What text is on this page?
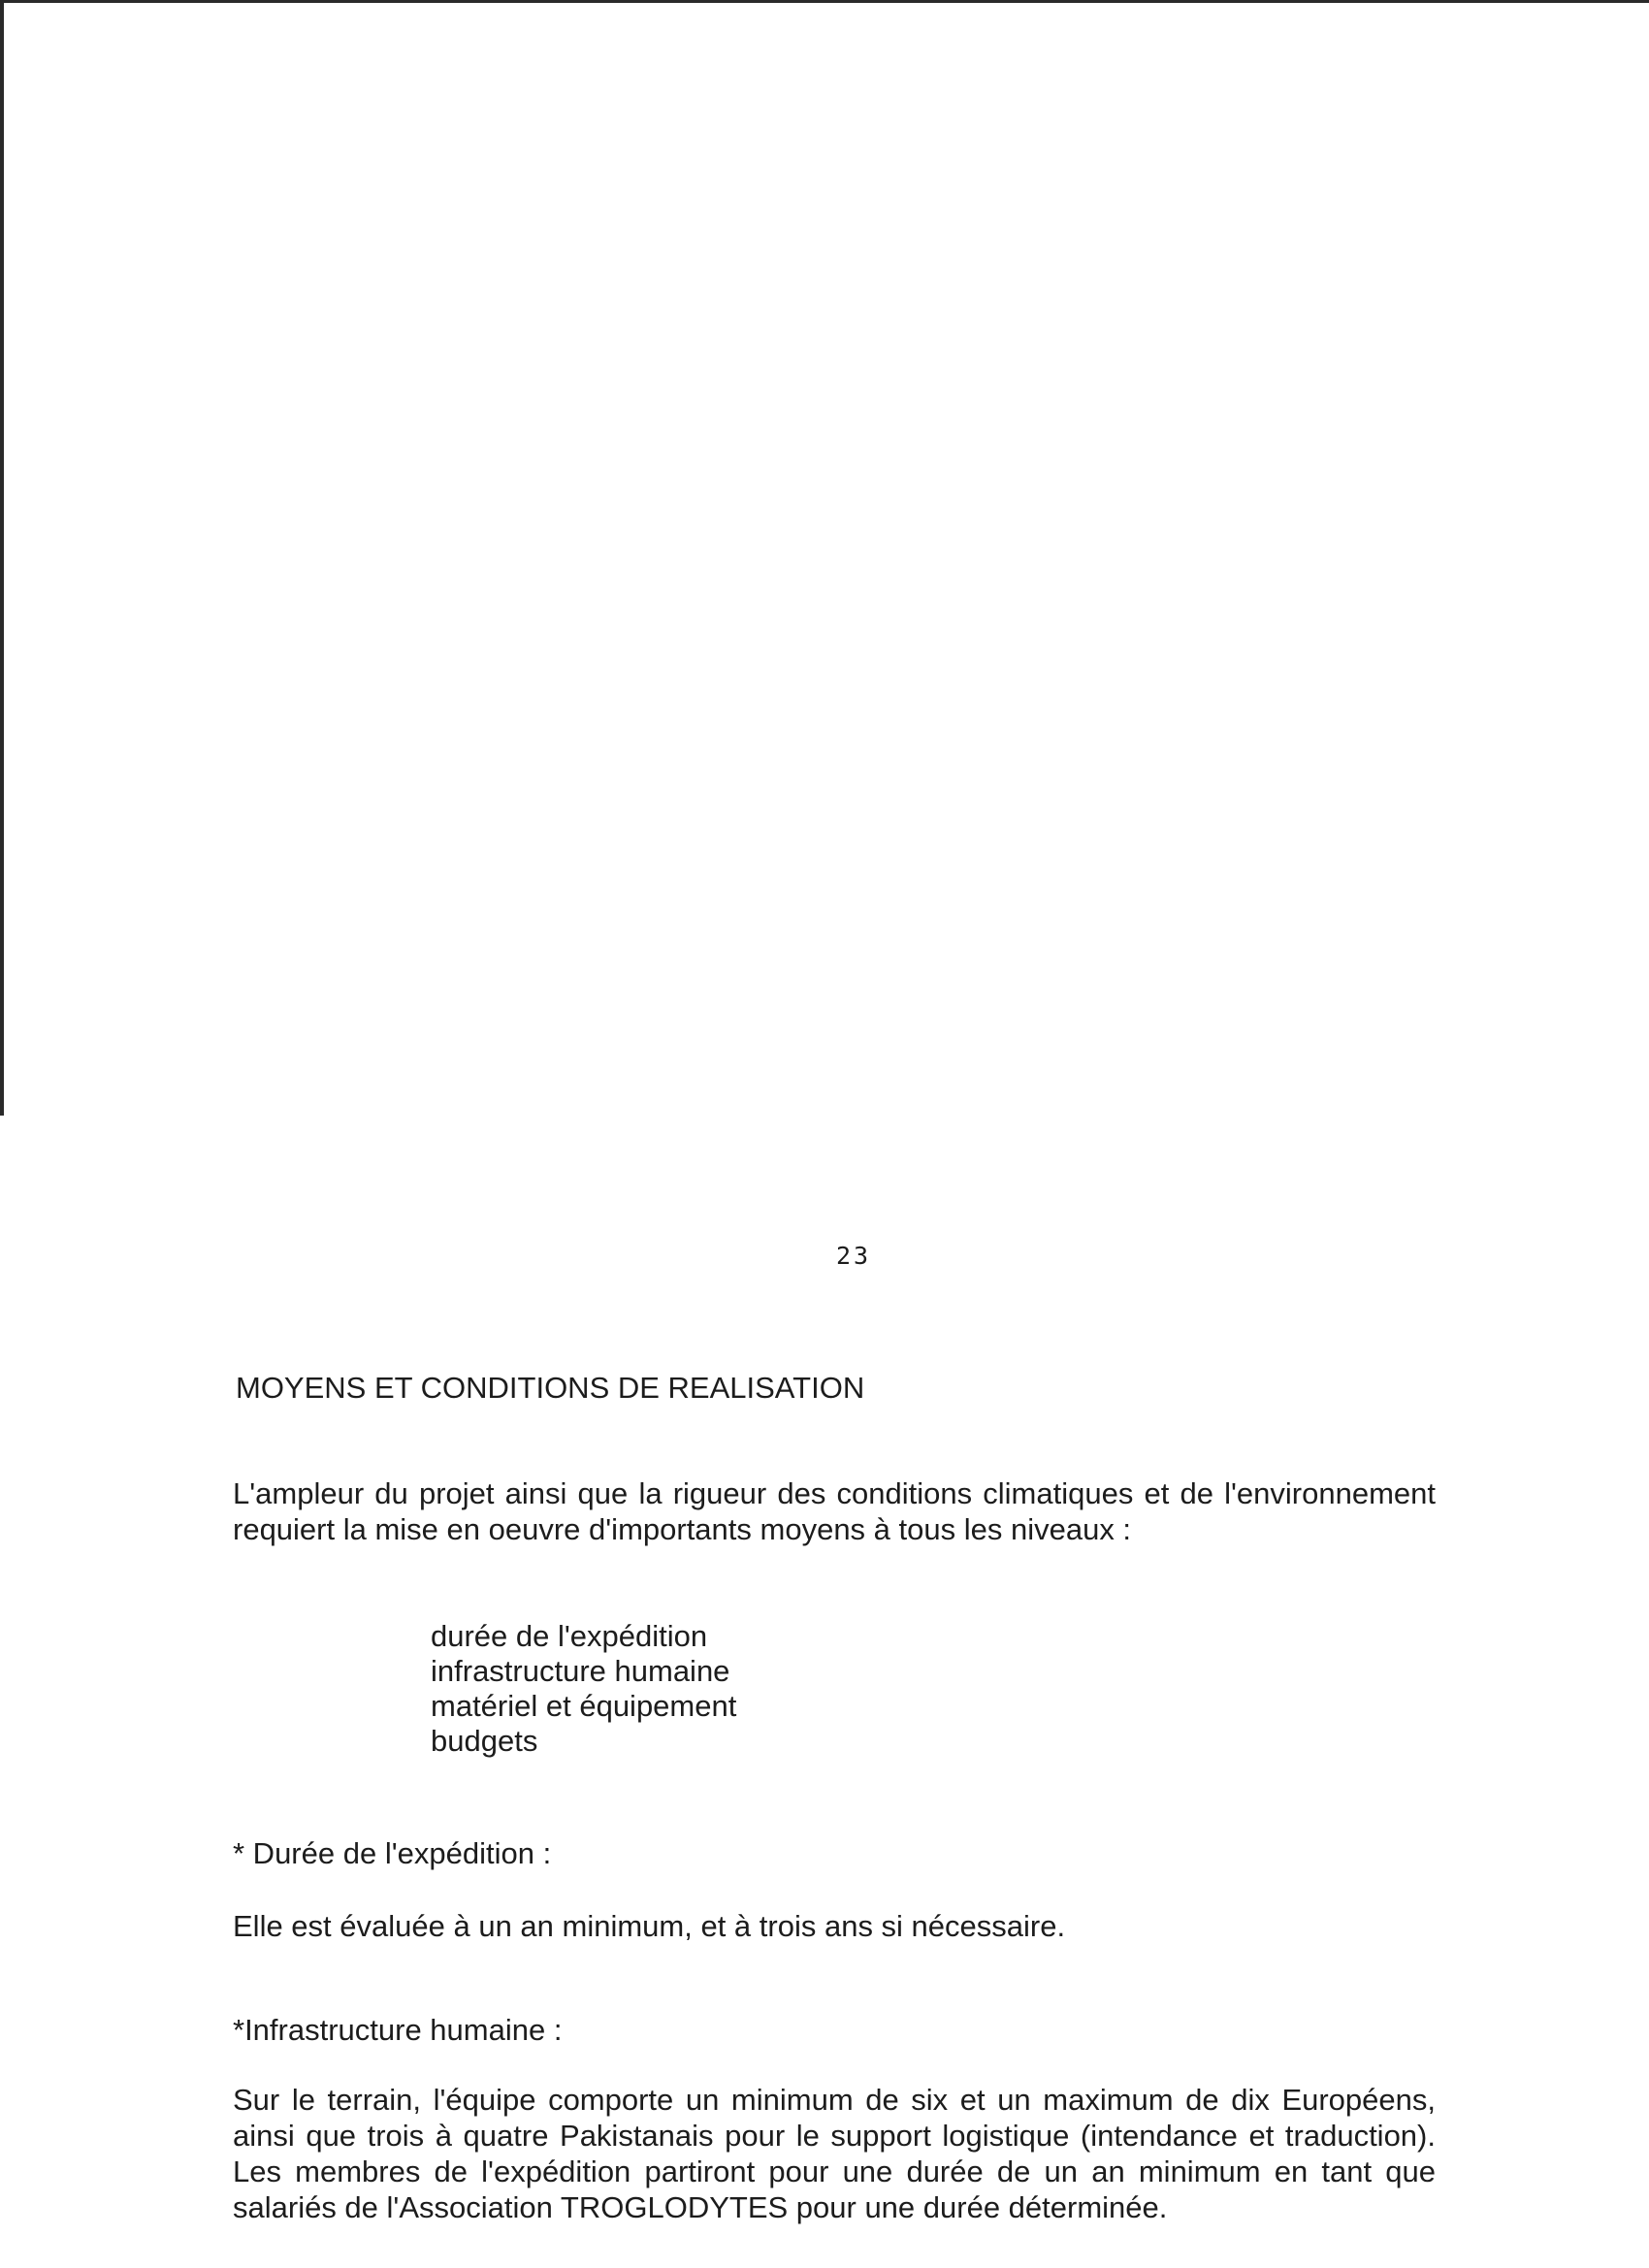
23
MOYENS ET CONDITIONS DE REALISATION

L'ampleur du projet ainsi que la rigueur des conditions climatiques et de l'environnement requiert la mise en oeuvre d'importants moyens à tous les niveaux :

durée de l'expédition
infrastructure humaine
matériel et équipement
budgets
* Durée de l'expédition :

Elle est évaluée à un an minimum, et à trois ans si nécessaire.

*Infrastructure humaine :

Sur le terrain, l'équipe comporte un minimum de six et un maximum de dix Européens, ainsi que trois à quatre Pakistanais pour le support logistique (intendance et traduction). Les membres de l'expédition partiront pour une durée de un an minimum en tant que salariés de l'Association TROGLODYTES pour une durée déterminée.
